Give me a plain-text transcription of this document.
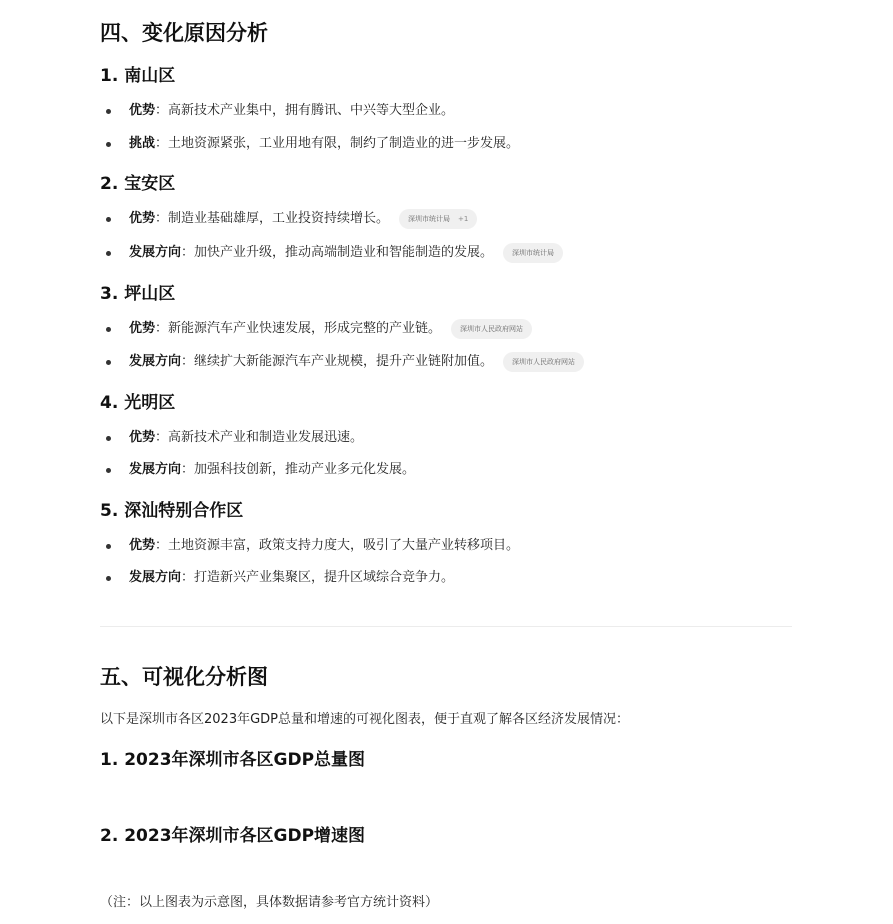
四、变化原因分析
1. 南山区
优势 ：高新技术产业集中，拥有腾讯、中兴等大型企业。
挑战 ：土地资源紧张，工业用地有限，制约了制造业的进一步发展。
2. 宝安区
优势 ：制造业基础雄厚，工业投资持续增长。	深圳市统计局 +1
发展方向 ：加快产业升级，推动高端制造业和智能制造的发展。	深圳市统计局
3. 坪山区
优势 ：新能源汽车产业快速发展，形成完整的产业链。	深圳市人民政府网站
发展方向 ：继续扩大新能源汽车产业规模，提升产业链附加值。	深圳市人民政府网站
4. 光明区
优势 ：高新技术产业和制造业发展迅速。
发展方向 ：加强科技创新，推动产业多元化发展。
5. 深汕特别合作区
优势 ：土地资源丰富，政策支持力度大，吸引了大量产业转移项目。
发展方向 ：打造新兴产业集聚区，提升区域综合竞争力。
五、可视化分析图
以下是深圳市各区2023年GDP总量和增速的可视化图表，便于直观了解各区经济发展情况：
1. 2023年深圳市各区GDP总量图
2. 2023年深圳市各区GDP增速图
（注：以上图表为示意图，具体数据请参考官方统计资料）
